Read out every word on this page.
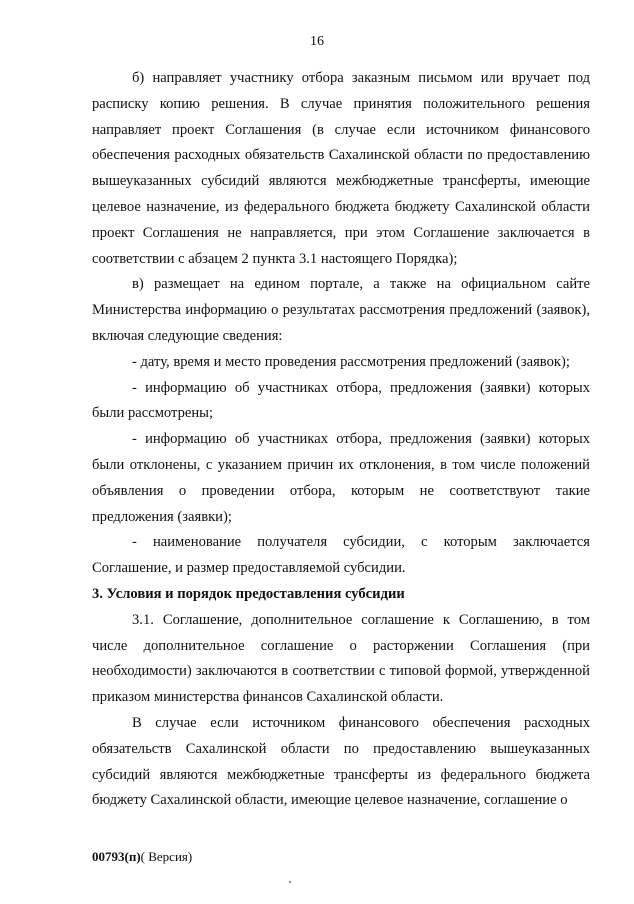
16

б) направляет участнику отбора заказным письмом или вручает под расписку копию решения. В случае принятия положительного решения направляет проект Соглашения (в случае если источником финансового обеспечения расходных обязательств Сахалинской области по предоставлению вышеуказанных субсидий являются межбюджетные трансферты, имеющие целевое назначение, из федерального бюджета бюджету Сахалинской области проект Соглашения не направляется, при этом Соглашение заключается в соответствии с абзацем 2 пункта 3.1 настоящего Порядка);

в) размещает на едином портале, а также на официальном сайте Министерства информацию о результатах рассмотрения предложений (заявок), включая следующие сведения:

- дату, время и место проведения рассмотрения предложений (заявок);

- информацию об участниках отбора, предложения (заявки) которых были рассмотрены;

- информацию об участниках отбора, предложения (заявки) которых были отклонены, с указанием причин их отклонения, в том числе положений объявления о проведении отбора, которым не соответствуют такие предложения (заявки);

- наименование получателя субсидии, с которым заключается Соглашение, и размер предоставляемой субсидии.

3. Условия и порядок предоставления субсидии

3.1. Соглашение, дополнительное соглашение к Соглашению, в том числе дополнительное соглашение о расторжении Соглашения (при необходимости) заключаются в соответствии с типовой формой, утвержденной приказом министерства финансов Сахалинской области.

В случае если источником финансового обеспечения расходных обязательств Сахалинской области по предоставлению вышеуказанных субсидий являются межбюджетные трансферты из федерального бюджета бюджету Сахалинской области, имеющие целевое назначение, соглашение о

00793(п)( Версия)
